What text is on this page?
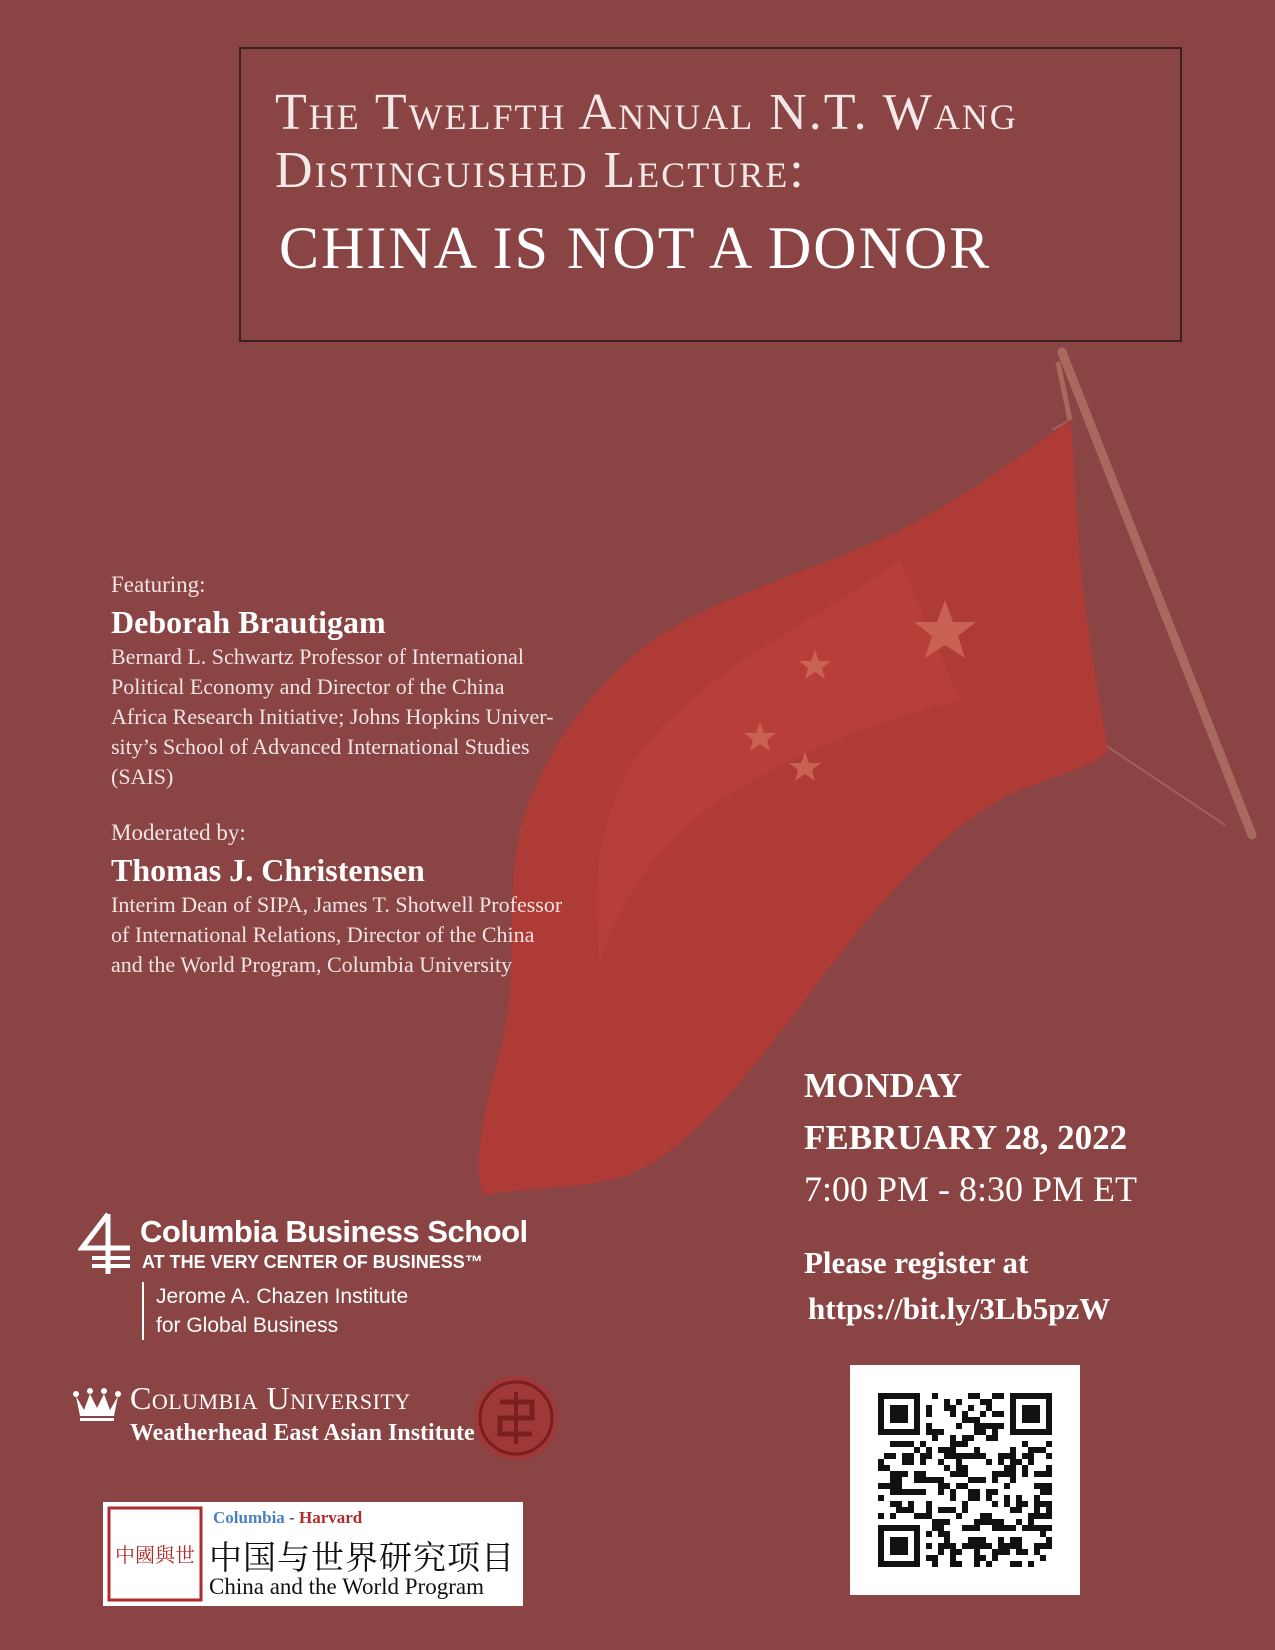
The Twelfth Annual N.T. Wang
Distinguished Lecture:
CHINA IS NOT A DONOR
Featuring:
Deborah Brautigam
Bernard L. Schwartz Professor of International
Political Economy and Director of the China
Africa Research Initiative; Johns Hopkins Univer-
sity’s School of Advanced International Studies
(SAIS)
Moderated by:
Thomas J. Christensen
Interim Dean of SIPA, James T. Shotwell Professor
of International Relations, Director of the China
and the World Program, Columbia University
MONDAY
FEBRUARY 28, 2022
7:00 PM - 8:30 PM ET
Please register at
https://bit.ly/3Lb5pzW
Columbia Business School
AT THE VERY CENTER OF BUSINESS™
Jerome A. Chazen Institute
for Global Business
Columbia University
Weatherhead East Asian Institute
中國與世
Columbia - Harvard
中国与世界研究项目
China and the World Program
